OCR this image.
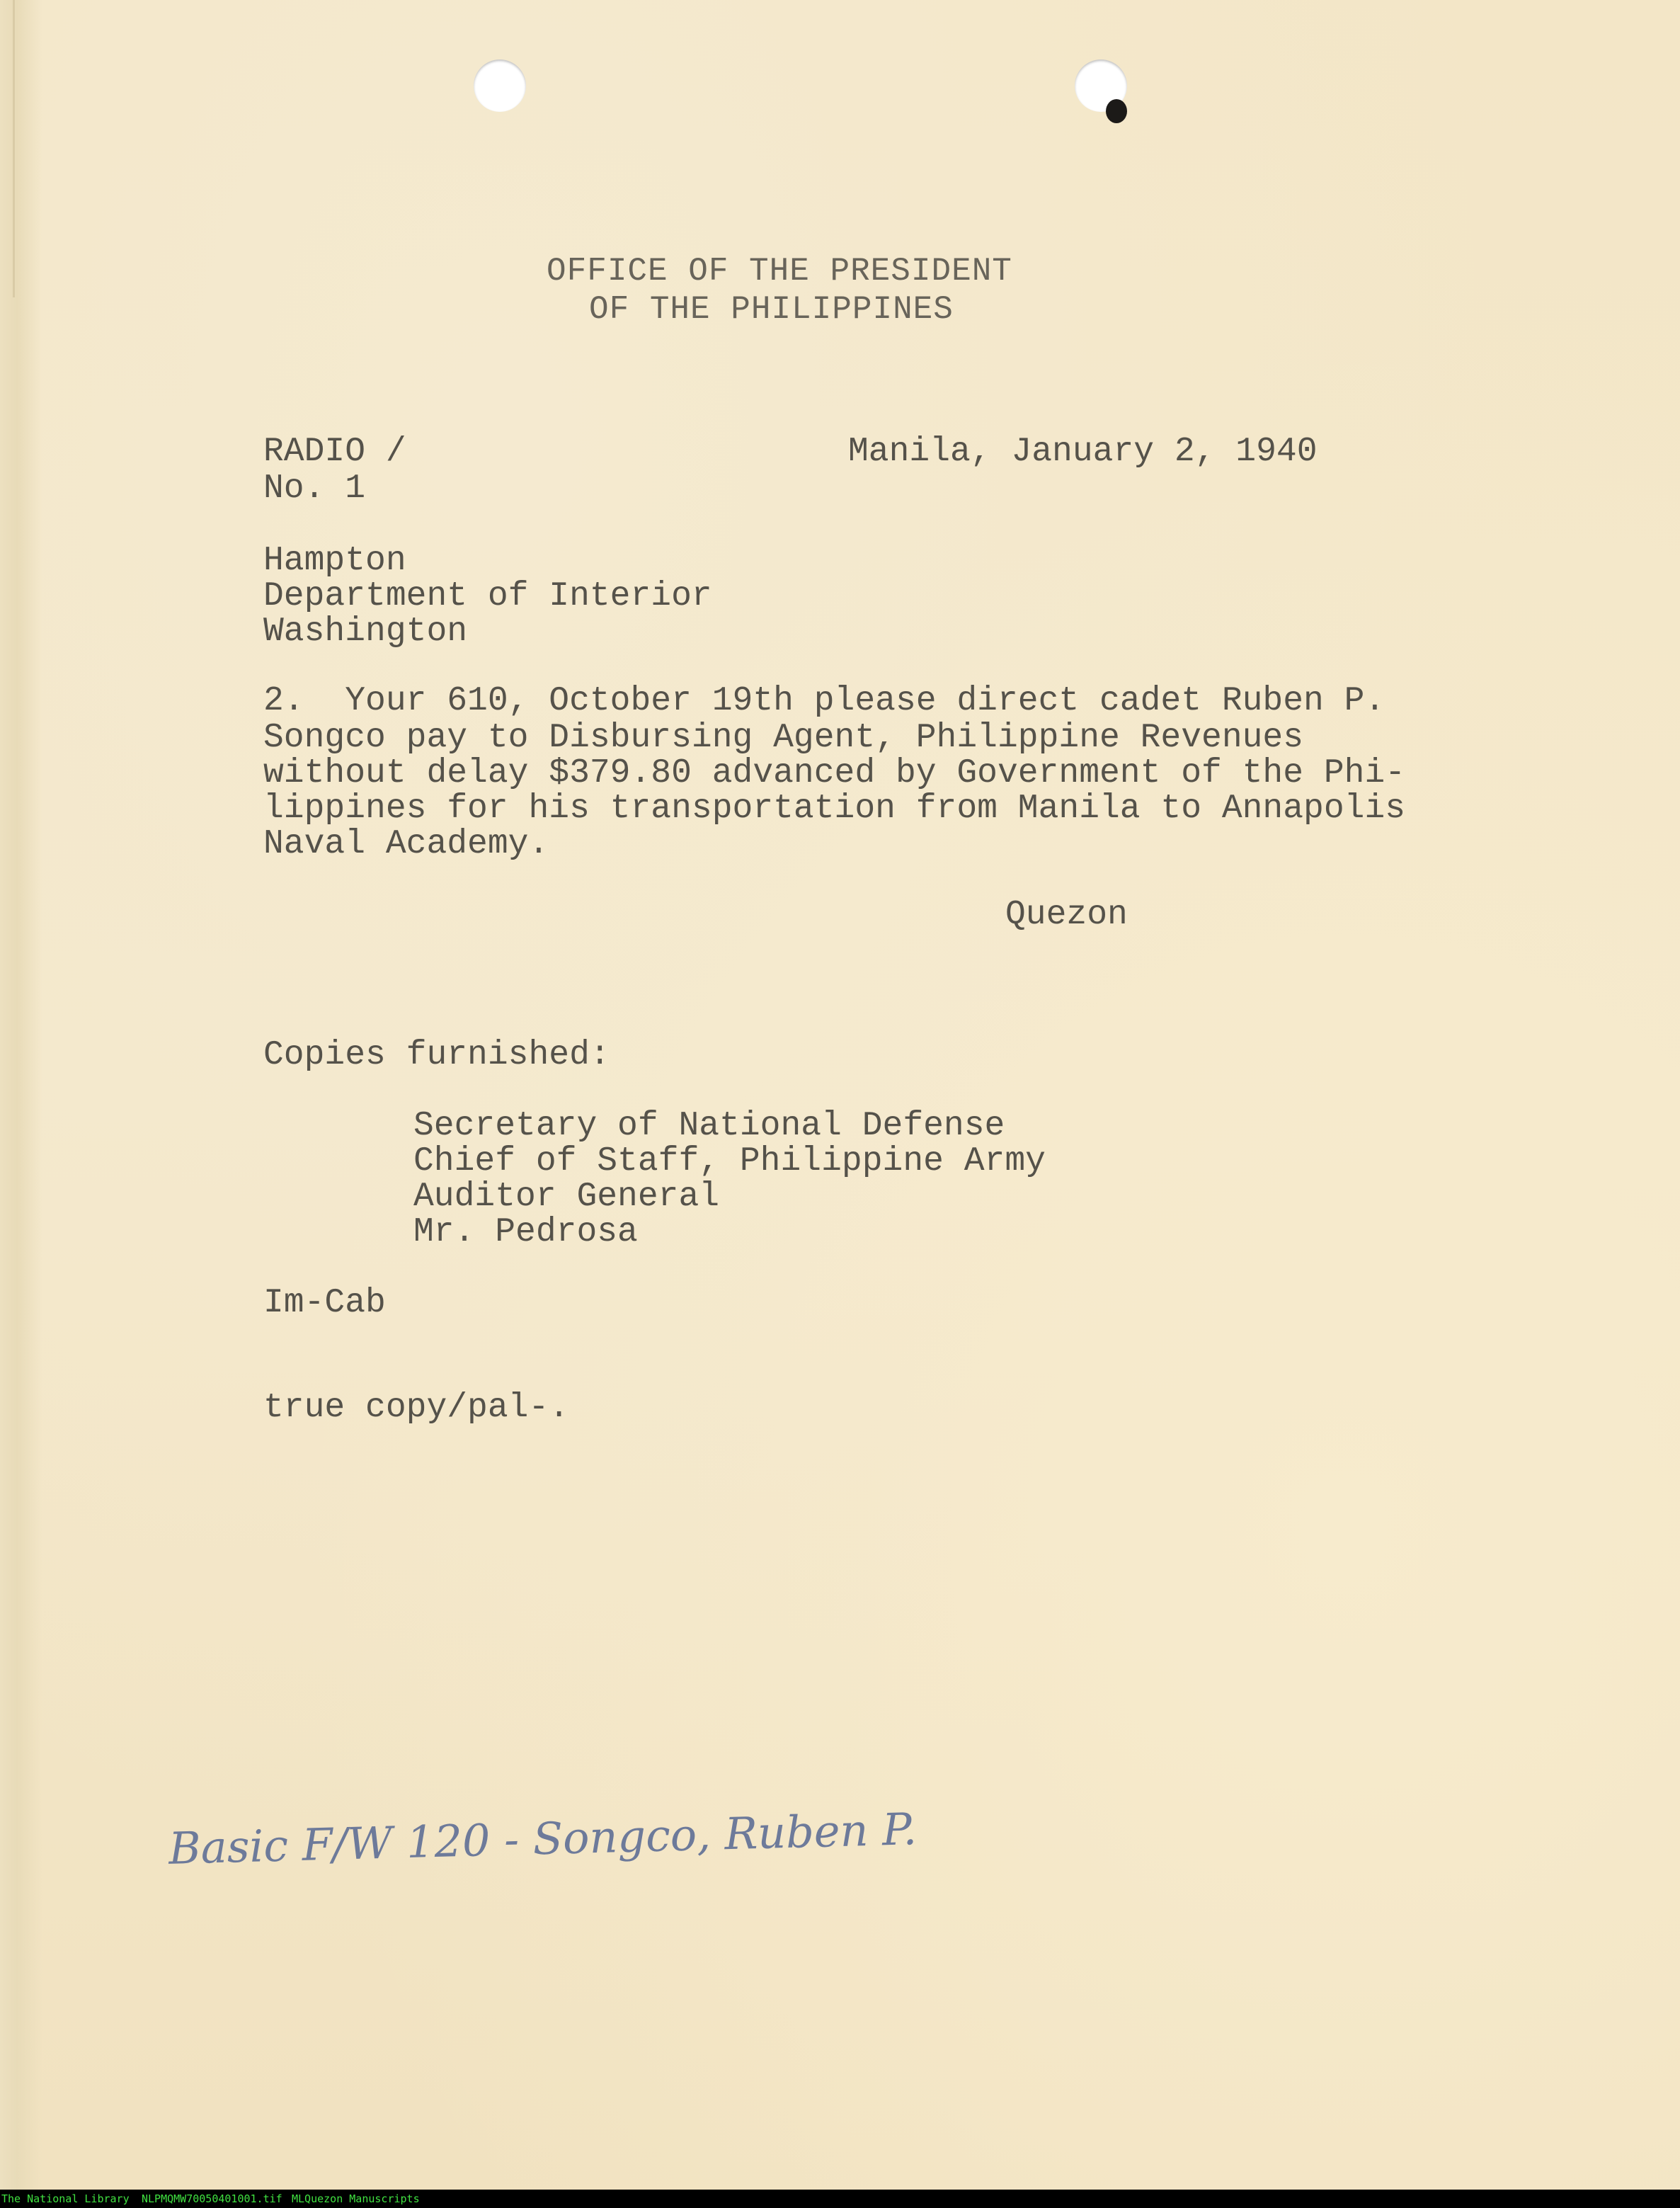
OFFICE OF THE PRESIDENT
OF THE PHILIPPINES
RADIO /
No. 1
Manila, January 2, 1940
Hampton
Department of Interior
Washington
2.  Your 610, October 19th please direct cadet Ruben P.
Songco pay to Disbursing Agent, Philippine Revenues
without delay $379.80 advanced by Government of the Phi-
lippines for his transportation from Manila to Annapolis
Naval Academy.
Quezon
Copies furnished:
Secretary of National Defense
Chief of Staff, Philippine Army
Auditor General
Mr. Pedrosa
Im-Cab
true copy/pal-.
Basic F/W 120 - Songco, Ruben P.
The National Library NLPMQMW70050401001.tif MLQuezon Manuscripts
